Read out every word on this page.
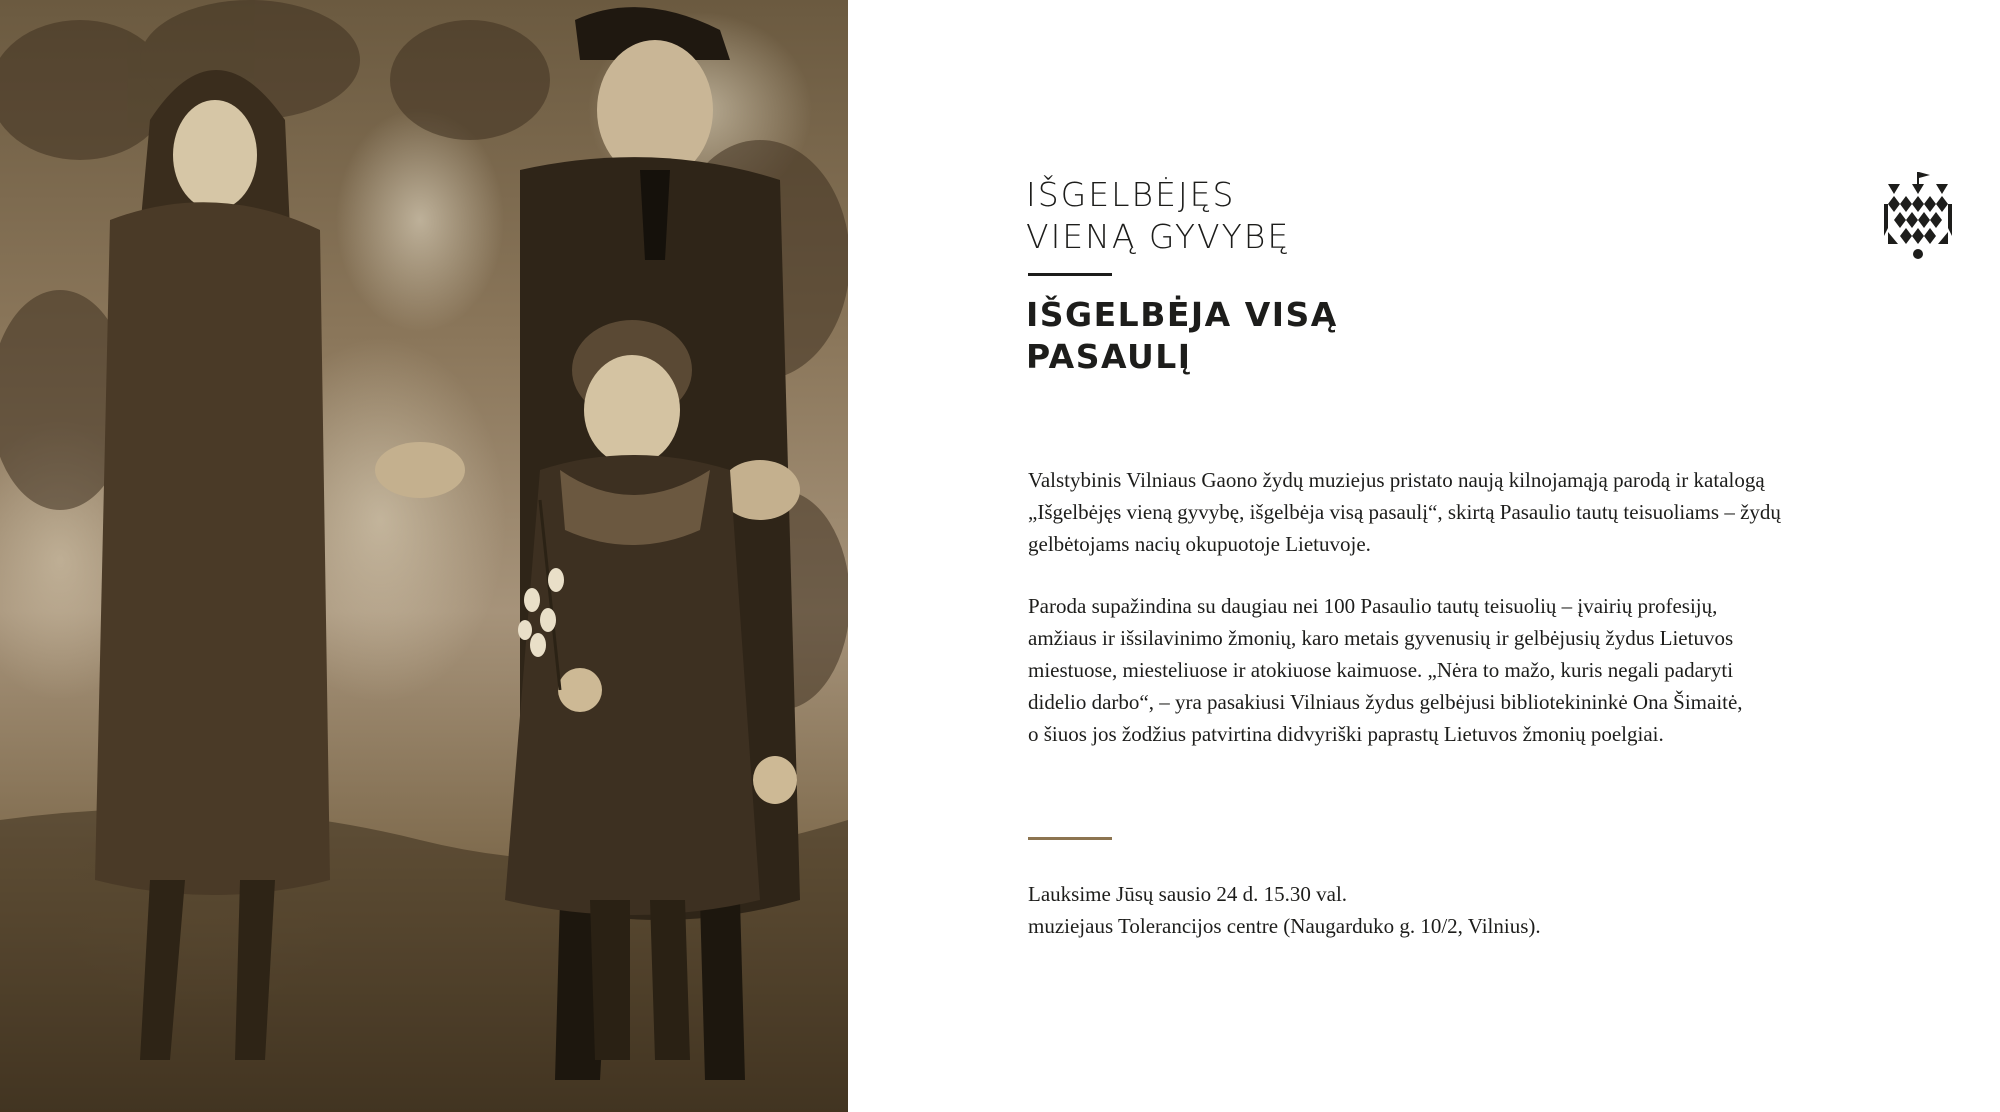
IŠGELBĖJĘS
VIENĄ GYVYBĘ
IŠGELBĖJA VISĄ
PASAULĮ

Valstybinis Vilniaus Gaono žydų muziejus pristato naują kilnojamąją parodą ir katalogą
„Išgelbėjęs vieną gyvybę, išgelbėja visą pasaulį“, skirtą Pasaulio tautų teisuoliams – žydų
gelbėtojams nacių okupuotoje Lietuvoje.

Paroda supažindina su daugiau nei 100 Pasaulio tautų teisuolių – įvairių profesijų,
amžiaus ir išsilavinimo žmonių, karo metais gyvenusių ir gelbėjusių žydus Lietuvos
miestuose, miesteliuose ir atokiuose kaimuose. „Nėra to mažo, kuris negali padaryti
didelio darbo“, – yra pasakiusi Vilniaus žydus gelbėjusi bibliotekininkė Ona Šimaitė,
o šiuos jos žodžius patvirtina didvyriški paprastų Lietuvos žmonių poelgiai.

Lauksime Jūsų sausio 24 d. 15.30 val.
muziejaus Tolerancijos centre (Naugarduko g. 10/2, Vilnius).
